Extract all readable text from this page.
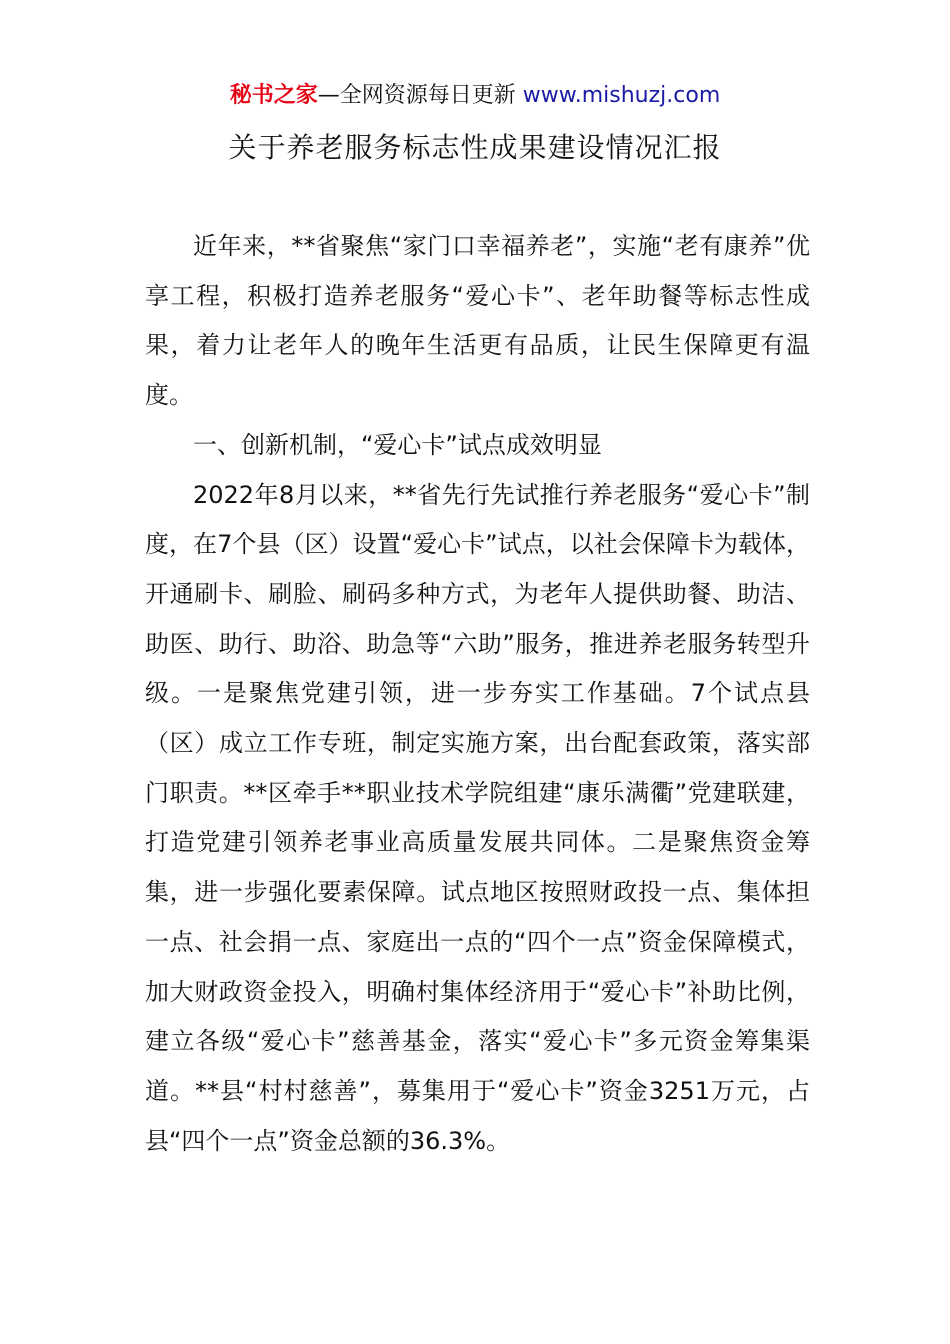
秘书之家—全网资源每日更新 www.mishuzj.com
关于养老服务标志性成果建设情况汇报

近年来，**省聚焦“家门口幸福养老”，实施“老有康养”优享工程，积极打造养老服务“爱心卡”、老年助餐等标志性成果，着力让老年人的晚年生活更有品质，让民生保障更有温度。

一、创新机制，“爱心卡”试点成效明显

2022年8月以来，**省先行先试推行养老服务“爱心卡”制度，在7个县（区）设置“爱心卡”试点，以社会保障卡为载体，开通刷卡、刷脸、刷码多种方式，为老年人提供助餐、助洁、助医、助行、助浴、助急等“六助”服务，推进养老服务转型升级。一是聚焦党建引领，进一步夯实工作基础。7个试点县（区）成立工作专班，制定实施方案，出台配套政策，落实部门职责。**区牵手**职业技术学院组建“康乐满衢”党建联建，打造党建引领养老事业高质量发展共同体。二是聚焦资金筹集，进一步强化要素保障。试点地区按照财政投一点、集体担一点、社会捐一点、家庭出一点的“四个一点”资金保障模式，加大财政资金投入，明确村集体经济用于“爱心卡”补助比例，建立各级“爱心卡”慈善基金，落实“爱心卡”多元资金筹集渠道。**县“村村慈善”，募集用于“爱心卡”资金3251万元，占县“四个一点”资金总额的36.3%。
